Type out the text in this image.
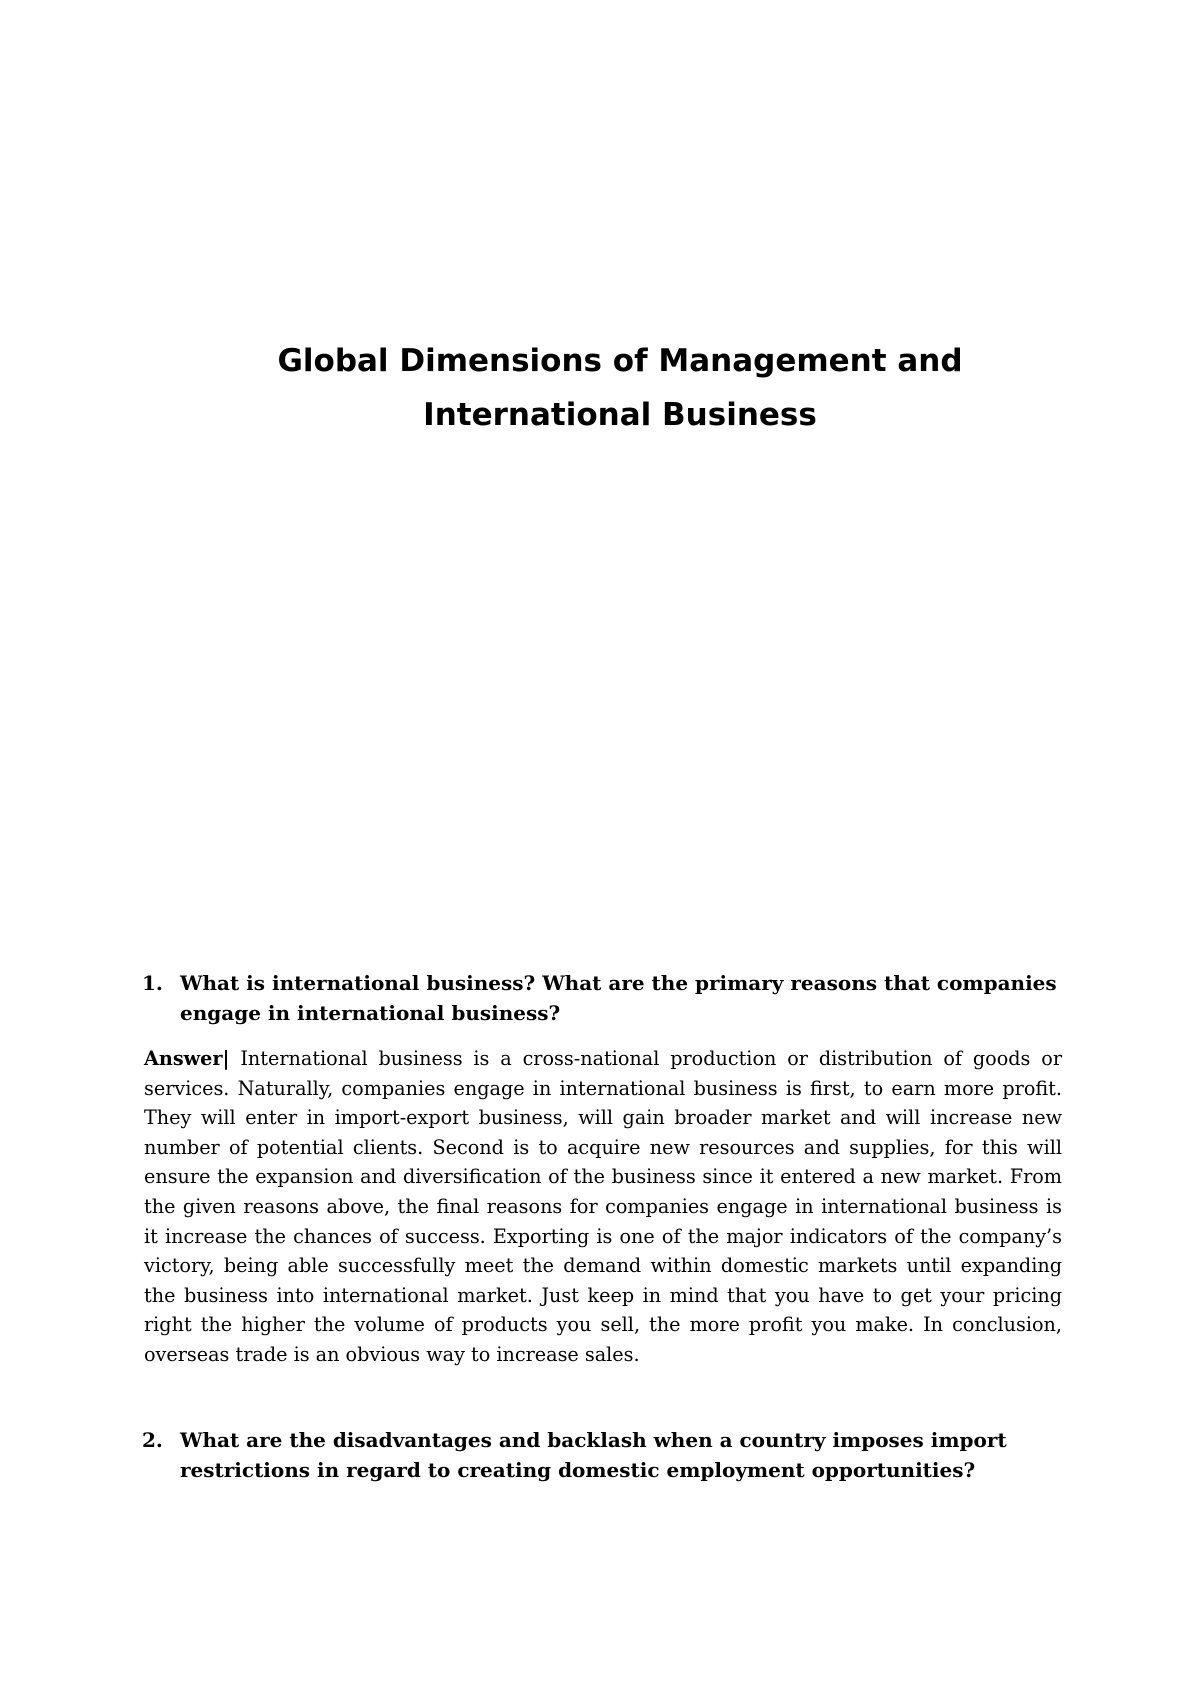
Global Dimensions of Management and
International Business
1. What is international business? What are the primary reasons that companies engage in international business?

Answer| International business is a cross-national production or distribution of goods or services. Naturally, companies engage in international business is first, to earn more profit. They will enter in import-export business, will gain broader market and will increase new number of potential clients. Second is to acquire new resources and supplies, for this will ensure the expansion and diversification of the business since it entered a new market. From the given reasons above, the final reasons for companies engage in international business is it increase the chances of success. Exporting is one of the major indicators of the company’s victory, being able successfully meet the demand within domestic markets until expanding the business into international market. Just keep in mind that you have to get your pricing right the higher the volume of products you sell, the more profit you make. In conclusion, overseas trade is an obvious way to increase sales.

2. What are the disadvantages and backlash when a country imposes import restrictions in regard to creating domestic employment opportunities?
